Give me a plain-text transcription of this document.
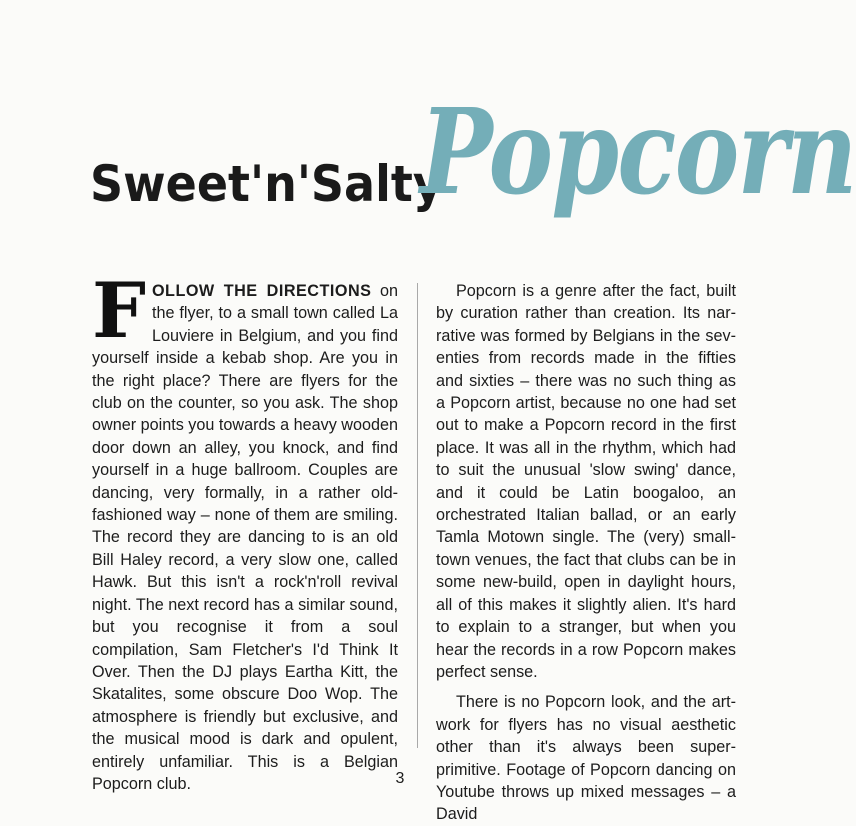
Sweet'n'Salty
Popcorn

FOLLOW THE DIRECTIONS on the flyer, to a small town called La Louviere in Belgium, and you find yourself inside a kebab shop. Are you in the right place? There are flyers for the club on the counter, so you ask. The shop owner points you towards a heavy wooden door down an alley, you knock, and find yourself in a huge ballroom. Couples are dancing, very formally, in a rather old-fashioned way – none of them are smiling. The record they are dancing to is an old Bill Haley record, a very slow one, called Hawk. But this isn't a rock'n'roll revival night. The next record has a similar sound, but you recognise it from a soul compilation, Sam Fletcher's I'd Think It Over. Then the DJ plays Eartha Kitt, the Skatalites, some obscure Doo Wop. The atmosphere is friendly but exclusive, and the musical mood is dark and opulent, entirely unfamiliar. This is a Belgian Popcorn club.

Popcorn is a genre after the fact, built by curation rather than creation. Its narrative was formed by Belgians in the seventies from records made in the fifties and sixties – there was no such thing as a Popcorn artist, because no one had set out to make a Popcorn record in the first place. It was all in the rhythm, which had to suit the unusual 'slow swing' dance, and it could be Latin boogaloo, an orchestrated Italian ballad, or an early Tamla Motown single. The (very) smalltown venues, the fact that clubs can be in some new-build, open in daylight hours, all of this makes it slightly alien. It's hard to explain to a stranger, but when you hear the records in a row Popcorn makes perfect sense.

There is no Popcorn look, and the artwork for flyers has no visual aesthetic other than it's always been super-primitive. Footage of Popcorn dancing on Youtube throws up mixed messages – a David

3
